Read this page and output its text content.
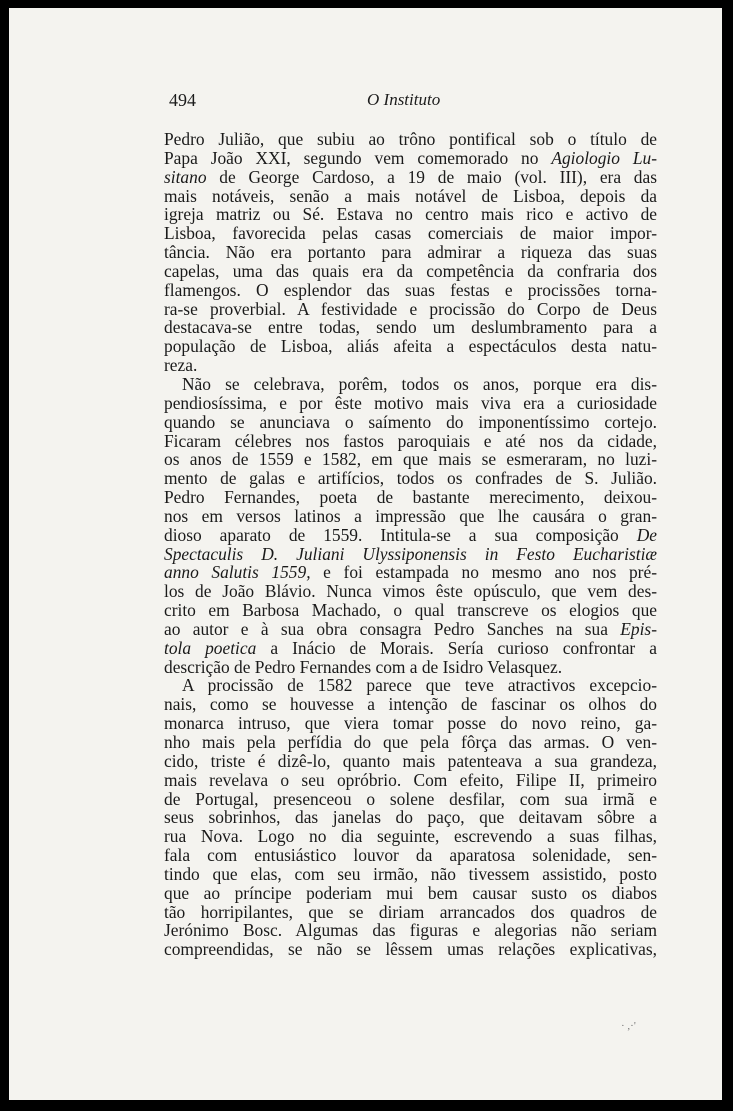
494	O Instituto
Pedro Julião, que subiu ao trôno pontifical sob o título de
Papa João XXI, segundo vem comemorado no Agiologio Lu-
sitano de George Cardoso, a 19 de maio (vol. III), era das
mais notáveis, senão a mais notável de Lisboa, depois da
igreja matriz ou Sé. Estava no centro mais rico e activo de
Lisboa, favorecida pelas casas comerciais de maior impor-
tância. Não era portanto para admirar a riqueza das suas
capelas, uma das quais era da competência da confraria dos
flamengos. O esplendor das suas festas e procissões torna-
ra-se proverbial. A festividade e procissão do Corpo de Deus
destacava-se entre todas, sendo um deslumbramento para a
população de Lisboa, aliás afeita a espectáculos desta natu-
reza.
Não se celebrava, porêm, todos os anos, porque era dis-
pendiosíssima, e por êste motivo mais viva era a curiosidade
quando se anunciava o saímento do imponentíssimo cortejo.
Ficaram célebres nos fastos paroquiais e até nos da cidade,
os anos de 1559 e 1582, em que mais se esmeraram, no luzi-
mento de galas e artifícios, todos os confrades de S. Julião.
Pedro Fernandes, poeta de bastante merecimento, deixou-
nos em versos latinos a impressão que lhe causára o gran-
dioso aparato de 1559. Intitula-se a sua composição De
Spectaculis D. Juliani Ulyssiponensis in Festo Eucharistiæ
anno Salutis 1559, e foi estampada no mesmo ano nos pré-
los de João Blávio. Nunca vimos êste opúsculo, que vem des-
crito em Barbosa Machado, o qual transcreve os elogios que
ao autor e à sua obra consagra Pedro Sanches na sua Epis-
tola poetica a Inácio de Morais. Sería curioso confrontar a
descrição de Pedro Fernandes com a de Isidro Velasquez.
A procissão de 1582 parece que teve atractivos excepcio-
nais, como se houvesse a intenção de fascinar os olhos do
monarca intruso, que viera tomar posse do novo reino, ga-
nho mais pela perfídia do que pela fôrça das armas. O ven-
cido, triste é dizê-lo, quanto mais patenteava a sua grandeza,
mais revelava o seu opróbrio. Com efeito, Filipe II, primeiro
de Portugal, presenceou o solene desfilar, com sua irmã e
seus sobrinhos, das janelas do paço, que deitavam sôbre a
rua Nova. Logo no dia seguinte, escrevendo a suas filhas,
fala com entusiástico louvor da aparatosa solenidade, sen-
tindo que elas, com seu irmão, não tivessem assistido, posto
que ao príncipe poderiam mui bem causar susto os diabos
tão horripilantes, que se diriam arrancados dos quadros de
Jerónimo Bosc. Algumas das figuras e alegorias não seriam
compreendidas, se não se lêssem umas relações explicativas,
· ,·'
